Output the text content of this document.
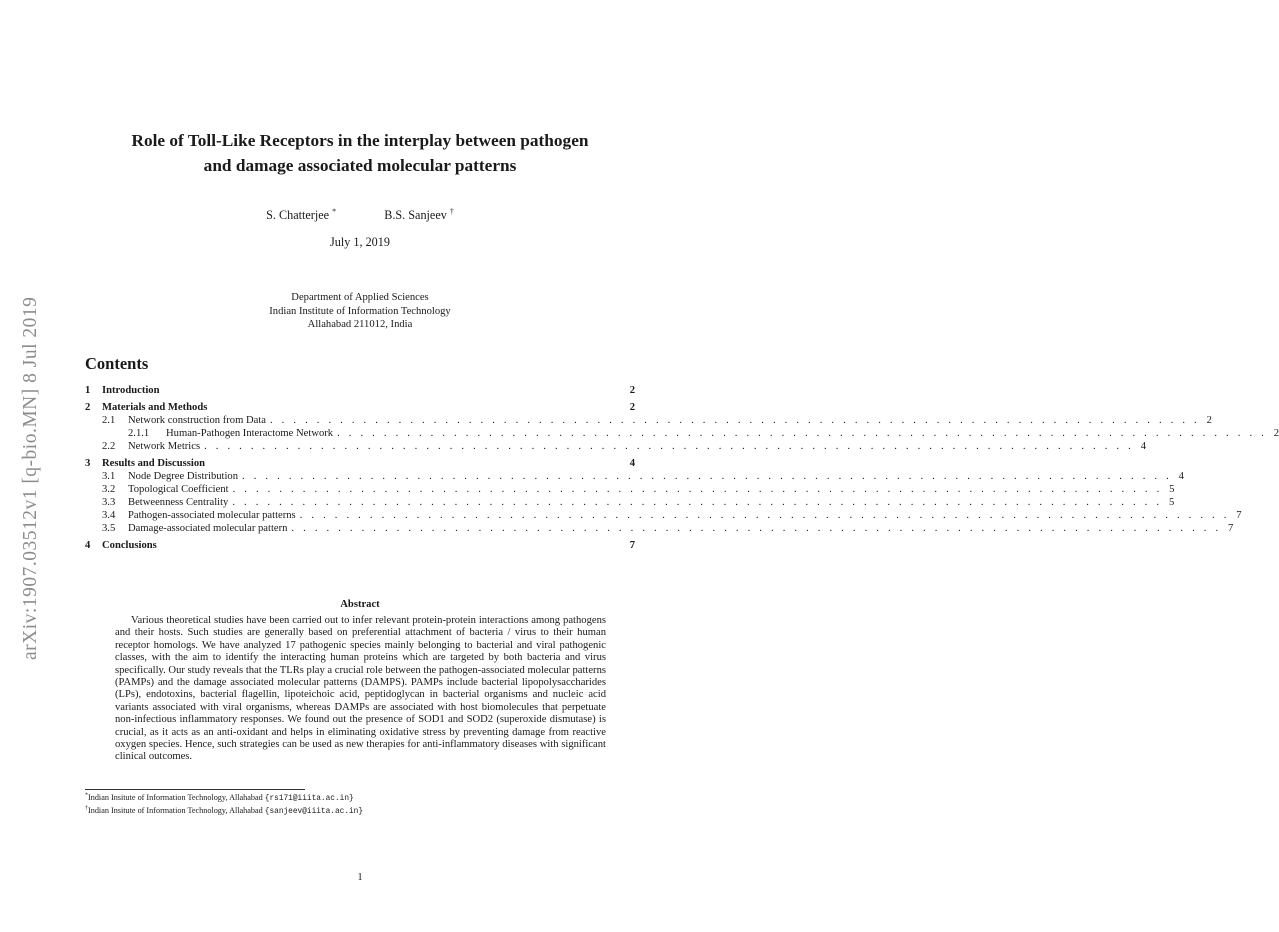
arXiv:1907.03512v1 [q-bio.MN] 8 Jul 2019
Role of Toll-Like Receptors in the interplay between pathogen
and damage associated molecular patterns
S. Chatterjee *	B.S. Sanjeev †
July 1, 2019
Department of Applied Sciences
Indian Institute of Information Technology
Allahabad 211012, India
Contents
1	Introduction	2
2	Materials and Methods	2
2.1	Network construction from Data . . . . . . . . . . . . . . . . . . . . . . . . . . . . . . . . . . . . . . . . . . . . . . . . . . . . . . . . . . . . . . . . . . . . . . . . . . . . . . . . 2
2.1.1	Human-Pathogen Interactome Network . . . . . . . . . . . . . . . . . . . . . . . . . . . . . . . . . . . . . . . . . . . . . . . . . . . . . . . . . . . . . . . . . . . . . . . . . . . . . . . . 2
2.2	Network Metrics . . . . . . . . . . . . . . . . . . . . . . . . . . . . . . . . . . . . . . . . . . . . . . . . . . . . . . . . . . . . . . . . . . . . . . . . . . . . . . . . 4
3	Results and Discussion	4
3.1	Node Degree Distribution . . . . . . . . . . . . . . . . . . . . . . . . . . . . . . . . . . . . . . . . . . . . . . . . . . . . . . . . . . . . . . . . . . . . . . . . . . . . . . . . 4
3.2	Topological Coefficient . . . . . . . . . . . . . . . . . . . . . . . . . . . . . . . . . . . . . . . . . . . . . . . . . . . . . . . . . . . . . . . . . . . . . . . . . . . . . . . . 5
3.3	Betweenness Centrality . . . . . . . . . . . . . . . . . . . . . . . . . . . . . . . . . . . . . . . . . . . . . . . . . . . . . . . . . . . . . . . . . . . . . . . . . . . . . . . . 5
3.4	Pathogen-associated molecular patterns . . . . . . . . . . . . . . . . . . . . . . . . . . . . . . . . . . . . . . . . . . . . . . . . . . . . . . . . . . . . . . . . . . . . . . . . . . . . . . . . 7
3.5	Damage-associated molecular pattern . . . . . . . . . . . . . . . . . . . . . . . . . . . . . . . . . . . . . . . . . . . . . . . . . . . . . . . . . . . . . . . . . . . . . . . . . . . . . . . . 7
4	Conclusions	7
Abstract
Various theoretical studies have been carried out to infer relevant protein-protein interactions among pathogens and their hosts. Such studies are generally based on preferential attachment of bacteria / virus to their human receptor homologs. We have analyzed 17 pathogenic species mainly belonging to bacterial and viral pathogenic classes, with the aim to identify the interacting human proteins which are targeted by both bacteria and virus specifically. Our study reveals that the TLRs play a crucial role between the pathogen-associated molecular patterns (PAMPs) and the damage associated molecular patterns (DAMPS). PAMPs include bacterial lipopolysaccharides (LPs), endotoxins, bacterial flagellin, lipoteichoic acid, peptidoglycan in bacterial organisms and nucleic acid variants associated with viral organisms, whereas DAMPs are associated with host biomolecules that perpetuate non-infectious inflammatory responses. We found out the presence of SOD1 and SOD2 (superoxide dismutase) is crucial, as it acts as an anti-oxidant and helps in eliminating oxidative stress by preventing damage from reactive oxygen species. Hence, such strategies can be used as new therapies for anti-inflammatory diseases with significant clinical outcomes.
*Indian Insitute of Information Technology, Allahabad {rs171@iiita.ac.in}
†Indian Insitute of Information Technology, Allahabad {sanjeev@iiita.ac.in}
1
